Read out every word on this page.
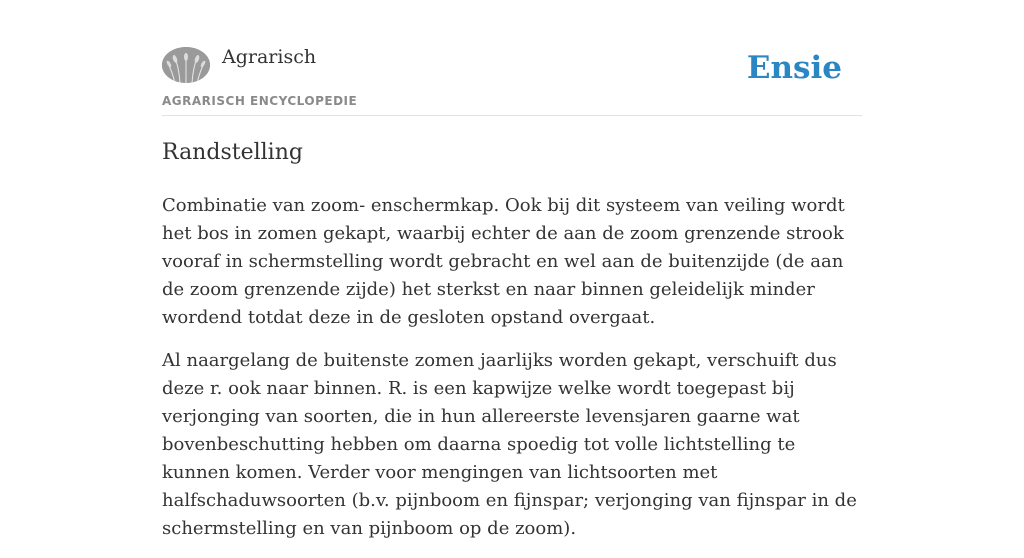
Agrarisch
AGRARISCH ENCYCLOPEDIE
Ensie
Randstelling

Combinatie van zoom- enschermkap. Ook bij dit systeem van veiling wordt het bos in zomen gekapt, waarbij echter de aan de zoom grenzende strook vooraf in schermstelling wordt gebracht en wel aan de buitenzijde (de aan de zoom grenzende zijde) het sterkst en naar binnen geleidelijk minder wordend totdat deze in de gesloten opstand overgaat.

Al naargelang de buitenste zomen jaarlijks worden gekapt, verschuift dus deze r. ook naar binnen. R. is een kapwijze welke wordt toegepast bij verjonging van soorten, die in hun allereerste levensjaren gaarne wat bovenbeschutting hebben om daarna spoedig tot volle lichtstelling te kunnen komen. Verder voor mengingen van lichtsoorten met halfschaduwsoorten (b.v. pijnboom en fijnspar; verjonging van fijnspar in de schermstelling en van pijnboom op de zoom).
